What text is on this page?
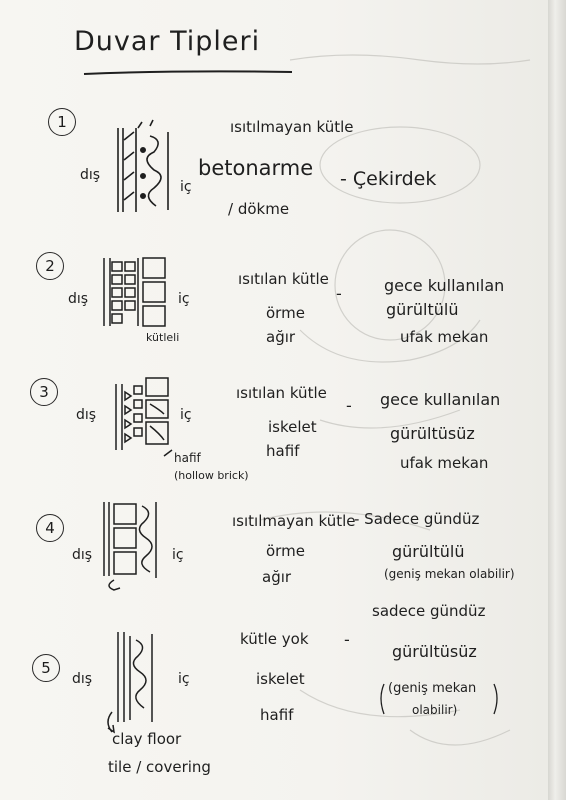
Duvar Tipleri
1
dış
iç
ısıtılmayan kütle
betonarme
/ dökme
- Çekirdek
2
dış	iç
ısıtılan kütle
-
örme
ağır
gece kullanılan
gürültülü
ufak mekan
kütleli
3
dış	iç
ısıtılan kütle
-
iskelet
hafif
gece kullanılan
gürültüsüz
ufak mekan
hafif
(hollow brick)
4
dış	iç
ısıtılmayan kütle
- Sadece gündüz
örme
ağır
gürültülü
(geniş mekan olabilir)
5
dış	iç
kütle yok -
iskelet
hafif
sadece gündüz
gürültüsüz
(geniş mekan
olabilir)
clay floor
tile / covering
